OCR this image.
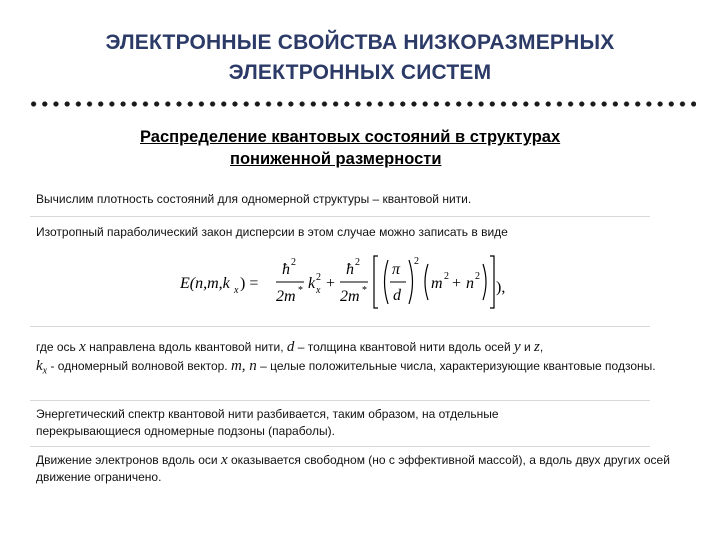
ЭЛЕКТРОННЫЕ СВОЙСТВА НИЗКОРАЗМЕРНЫХ
ЭЛЕКТРОННЫХ СИСТЕМ
Распределение квантовых состояний в структурах
пониженной размерности
Вычислим плотность состояний для одномерной структуры – квантовой нити.
Изотропный параболический закон дисперсии в этом случае можно записать в виде
E(n,m,k x ) =
ħ 2
2m * k x
2 +
ħ 2
2m *
π
d
2
m 2 + n 2
),
где ось x направлена вдоль квантовой нити, d – толщина квантовой нити вдоль осей y и z,
$k_x$ - одномерный волновой вектор. m, n – целые положительные числа, характеризующие квантовые подзоны.
Энергетический спектр квантовой нити разбивается, таким образом, на отдельные перекрывающиеся одномерные подзоны (параболы).
Движение электронов вдоль оси x оказывается свободном (но с эффективной массой), а вдоль двух других осей движение ограничено.
